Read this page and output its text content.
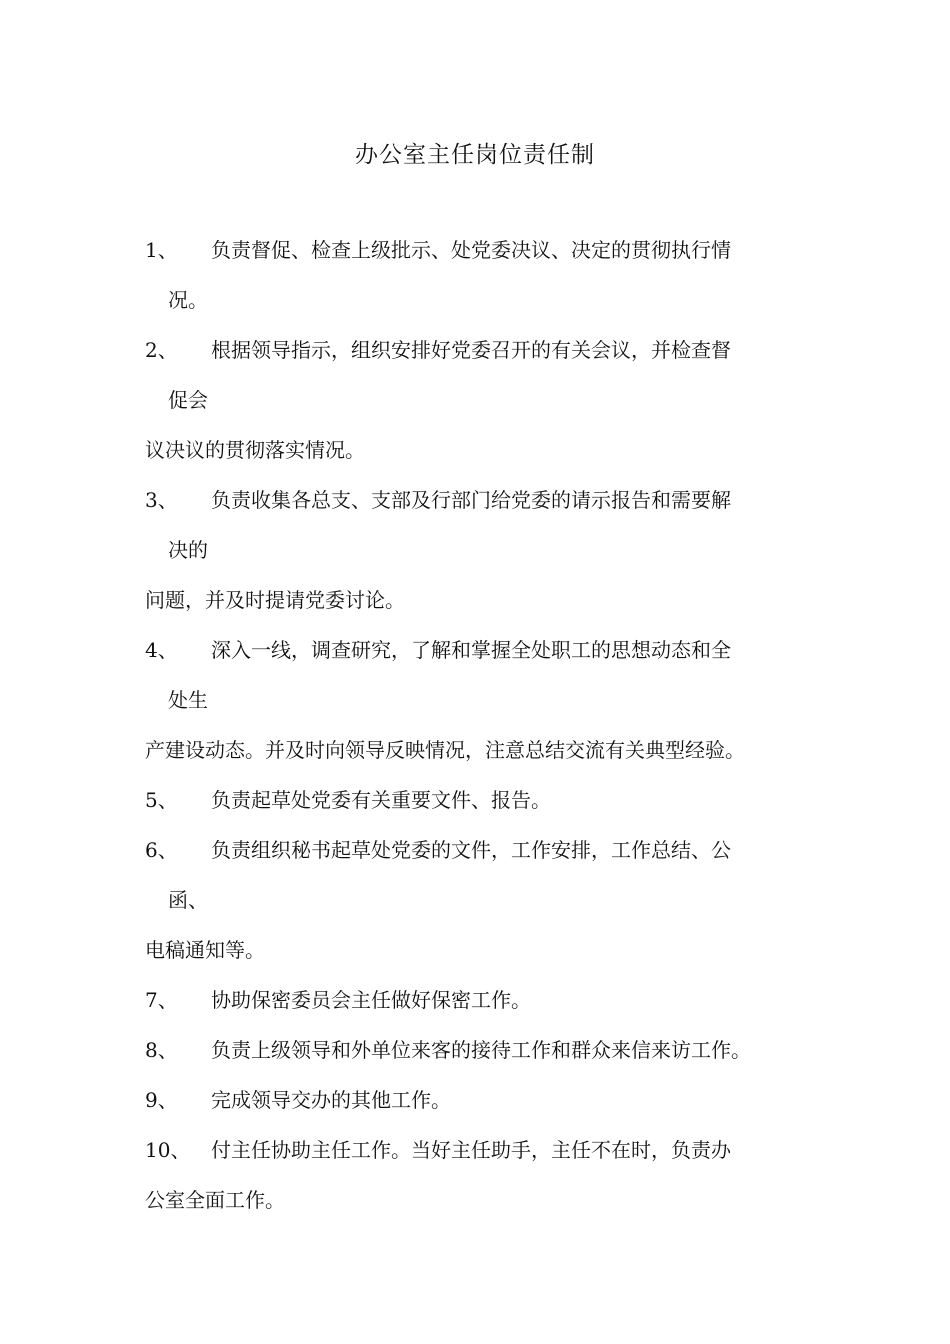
办公室主任岗位责任制
1、 负责督促、检查上级批示、处党委决议、决定的贯彻执行情
况。
2、 根据领导指示，组织安排好党委召开的有关会议，并检查督
促会
议决议的贯彻落实情况。
3、 负责收集各总支、支部及行部门给党委的请示报告和需要解
决的
问题，并及时提请党委讨论。
4、 深入一线，调查研究，了解和掌握全处职工的思想动态和全
处生
产建设动态。并及时向领导反映情况，注意总结交流有关典型经验。
5、 负责起草处党委有关重要文件、报告。
6、 负责组织秘书起草处党委的文件，工作安排，工作总结、公
函、
电稿通知等。
7、 协助保密委员会主任做好保密工作。
8、 负责上级领导和外单位来客的接待工作和群众来信来访工作。
9、 完成领导交办的其他工作。
10、 付主任协助主任工作。当好主任助手，主任不在时，负责办
公室全面工作。
